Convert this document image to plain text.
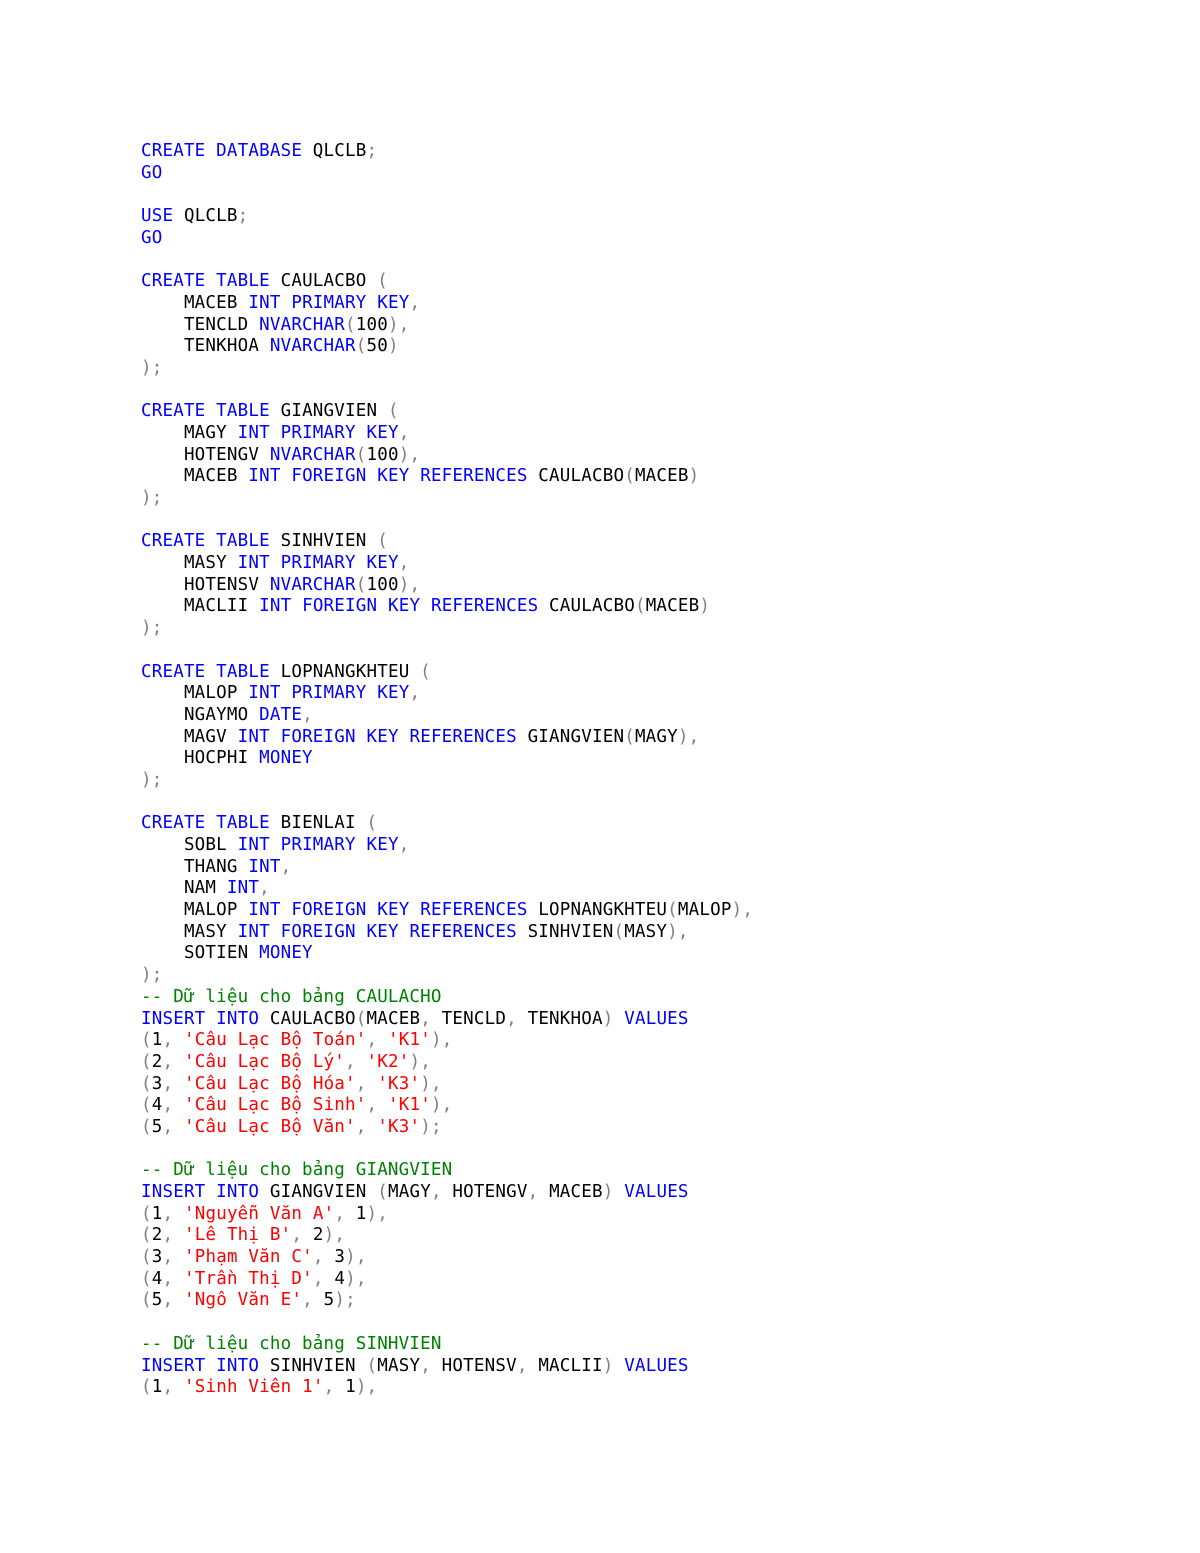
CREATE DATABASE QLCLB;
GO

USE QLCLB;
GO

CREATE TABLE CAULACBO (
MACEB INT PRIMARY KEY,
TENCLD NVARCHAR(100),
TENKHOA NVARCHAR(50)
);

CREATE TABLE GIANGVIEN (
MAGY INT PRIMARY KEY,
HOTENGV NVARCHAR(100),
MACEB INT FOREIGN KEY REFERENCES CAULACBO(MACEB)
);

CREATE TABLE SINHVIEN (
MASY INT PRIMARY KEY,
HOTENSV NVARCHAR(100),
MACLII INT FOREIGN KEY REFERENCES CAULACBO(MACEB)
);

CREATE TABLE LOPNANGKHTEU (
MALOP INT PRIMARY KEY,
NGAYMO DATE,
MAGV INT FOREIGN KEY REFERENCES GIANGVIEN(MAGY),
HOCPHI MONEY
);

CREATE TABLE BIENLAI (
SOBL INT PRIMARY KEY,
THANG INT,
NAM INT,
MALOP INT FOREIGN KEY REFERENCES LOPNANGKHTEU(MALOP),
MASY INT FOREIGN KEY REFERENCES SINHVIEN(MASY),
SOTIEN MONEY
);
-- Dữ liệu cho bảng CAULACHO
INSERT INTO CAULACBO(MACEB, TENCLD, TENKHOA) VALUES
(1, 'Câu Lạc Bộ Toán', 'K1'),
(2, 'Câu Lạc Bộ Lý', 'K2'),
(3, 'Câu Lạc Bộ Hóa', 'K3'),
(4, 'Câu Lạc Bộ Sinh', 'K1'),
(5, 'Câu Lạc Bộ Văn', 'K3');

-- Dữ liệu cho bảng GIANGVIEN
INSERT INTO GIANGVIEN (MAGY, HOTENGV, MACEB) VALUES
(1, 'Nguyễn Văn A', 1),
(2, 'Lê Thị B', 2),
(3, 'Phạm Văn C', 3),
(4, 'Trần Thị D', 4),
(5, 'Ngô Văn E', 5);

-- Dữ liệu cho bảng SINHVIEN
INSERT INTO SINHVIEN (MASY, HOTENSV, MACLII) VALUES
(1, 'Sinh Viên 1', 1),
